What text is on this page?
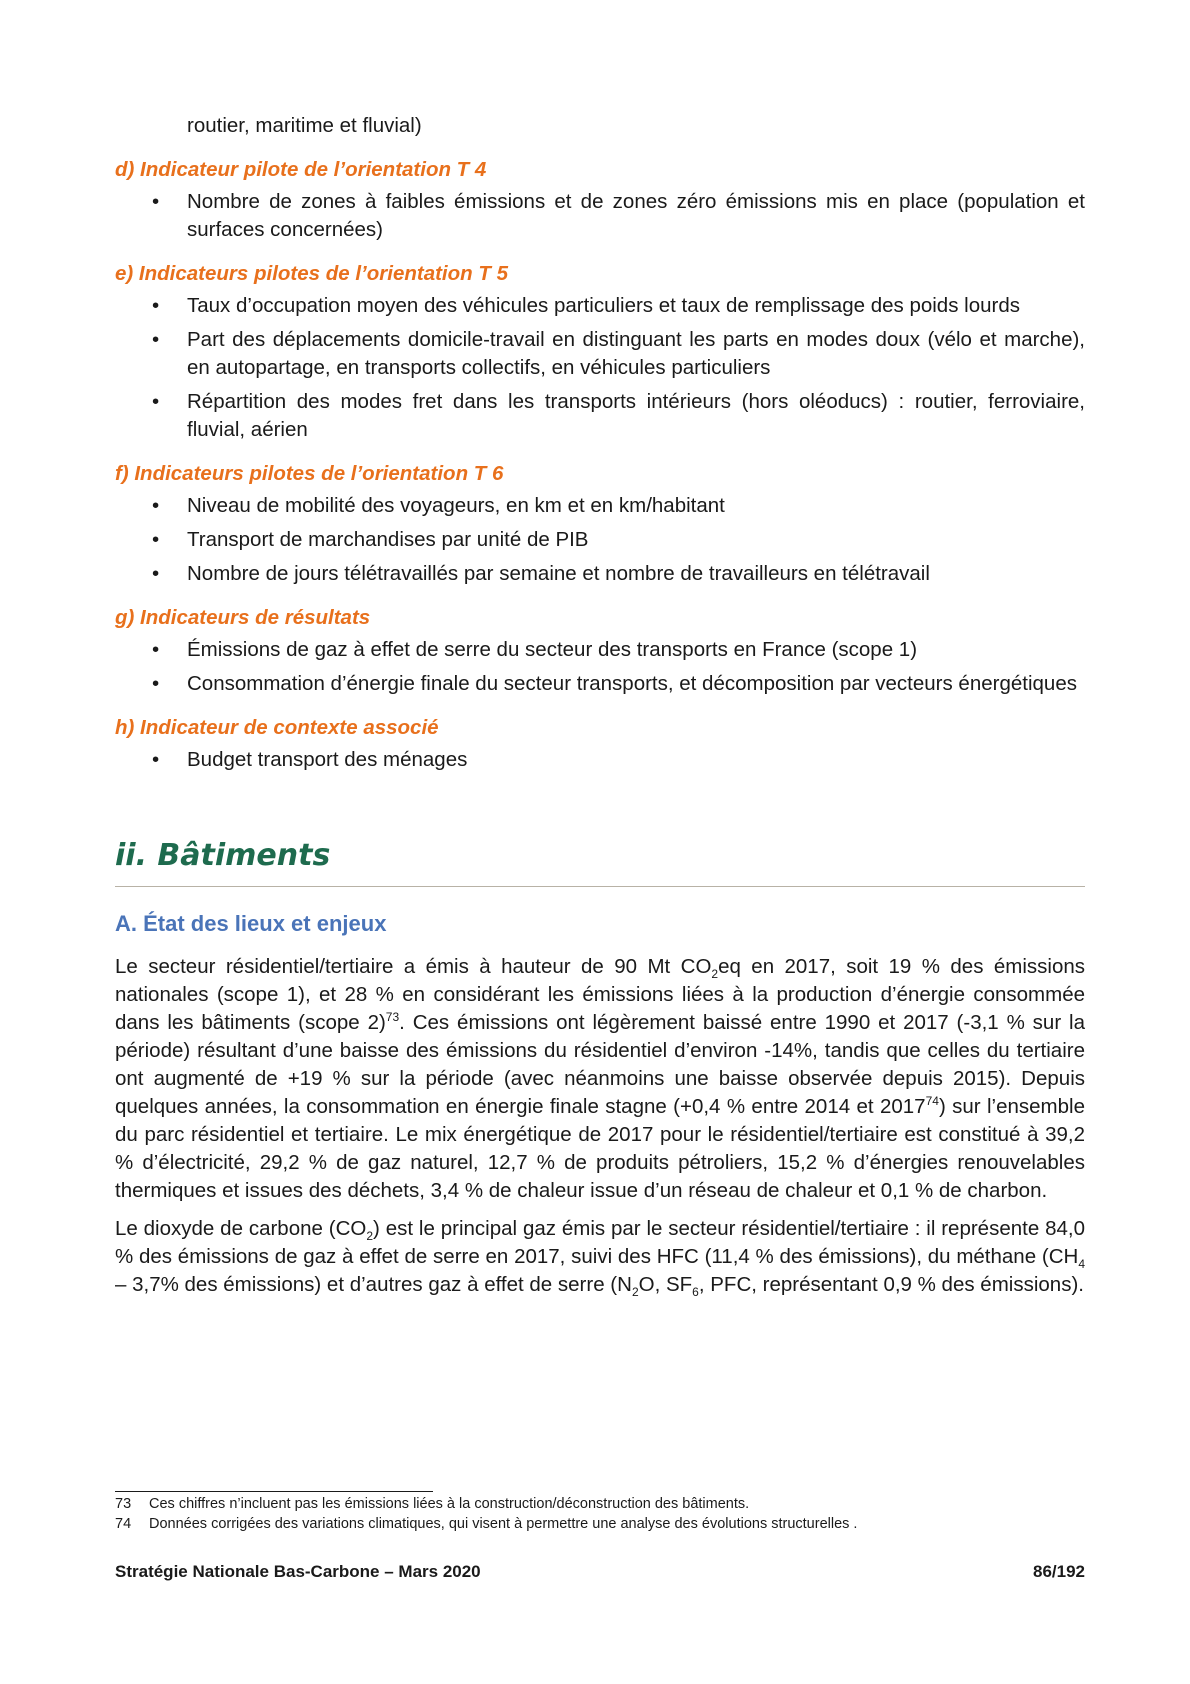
routier, maritime et fluvial)
d) Indicateur pilote de l’orientation T 4
• Nombre de zones à faibles émissions et de zones zéro émissions mis en place (population et surfaces concernées)
e) Indicateurs pilotes de l’orientation T 5
• Taux d’occupation moyen des véhicules particuliers et taux de remplissage des poids lourds
• Part des déplacements domicile-travail en distinguant les parts en modes doux (vélo et marche), en autopartage, en transports collectifs, en véhicules particuliers
• Répartition des modes fret dans les transports intérieurs (hors oléoducs) : routier, ferroviaire, fluvial, aérien
f) Indicateurs pilotes de l’orientation T 6
• Niveau de mobilité des voyageurs, en km et en km/habitant
• Transport de marchandises par unité de PIB
• Nombre de jours télétravaillés par semaine et nombre de travailleurs en télétravail
g) Indicateurs de résultats
• Émissions de gaz à effet de serre du secteur des transports en France (scope 1)
• Consommation d’énergie finale du secteur transports, et décomposition par vecteurs énergétiques
h) Indicateur de contexte associé
• Budget transport des ménages
ii. Bâtiments
A. État des lieux et enjeux

Le secteur résidentiel/tertiaire a émis à hauteur de 90 Mt $CO_2eq$ en 2017, soit 19 % des émissions nationales (scope 1), et 28 % en considérant les émissions liées à la production d’énergie consommée dans les bâtiments (scope 2)$^{73}$. Ces émissions ont légèrement baissé entre 1990 et 2017 (-3,1 % sur la période) résultant d’une baisse des émissions du résidentiel d’environ -14%, tandis que celles du tertiaire ont augmenté de +19 % sur la période (avec néanmoins une baisse observée depuis 2015). Depuis quelques années, la consommation en énergie finale stagne (+0,4 % entre 2014 et 2017$^{74}$) sur l’ensemble du parc résidentiel et tertiaire. Le mix énergétique de 2017 pour le résidentiel/tertiaire est constitué à 39,2 % d’électricité, 29,2 % de gaz naturel, 12,7 % de produits pétroliers, 15,2 % d’énergies renouvelables thermiques et issues des déchets, 3,4 % de chaleur issue d’un réseau de chaleur et 0,1 % de charbon.

Le dioxyde de carbone $(CO_2)$ est le principal gaz émis par le secteur résidentiel/tertiaire : il représente 84,0 % des émissions de gaz à effet de serre en 2017, suivi des HFC (11,4 % des émissions), du méthane ($CH_4 - 3,7\%$ des émissions) et d’autres gaz à effet de serre ($N_2O$, $SF_6$, PFC, représentant 0,9 % des émissions).

73	Ces chiffres n’incluent pas les émissions liées à la construction/déconstruction des bâtiments.
74	Données corrigées des variations climatiques, qui visent à permettre une analyse des évolutions structurelles .
Stratégie Nationale Bas-Carbone – Mars 2020	86/192
